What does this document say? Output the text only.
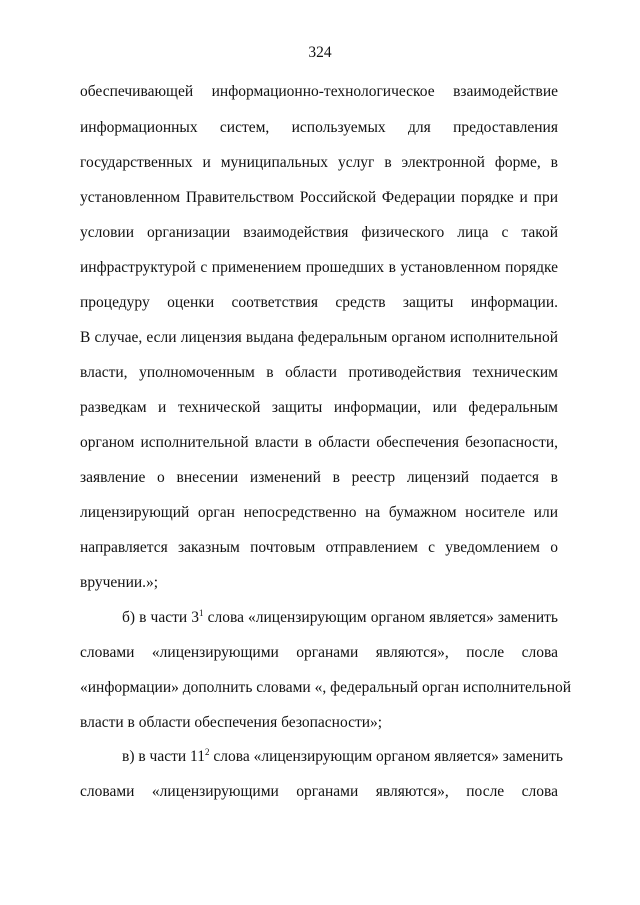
324
обеспечивающей информационно-технологическое взаимодействие
информационных систем, используемых для предоставления
государственных и муниципальных услуг в электронной форме, в
установленном Правительством Российской Федерации порядке и при
условии организации взаимодействия физического лица с такой
инфраструктурой с применением прошедших в установленном порядке
процедуру оценки соответствия средств защиты информации.
В случае, если лицензия выдана федеральным органом исполнительной
власти, уполномоченным в области противодействия техническим
разведкам и технической защиты информации, или федеральным
органом исполнительной власти в области обеспечения безопасности,
заявление о внесении изменений в реестр лицензий подается в
лицензирующий орган непосредственно на бумажном носителе или
направляется заказным почтовым отправлением с уведомлением о
вручении.»;
б) в части $3^1$ слова «лицензирующим органом является» заменить
словами «лицензирующими органами являются», после слова
«информации» дополнить словами «, федеральный орган исполнительной
власти в области обеспечения безопасности»;
в) в части $11^2$ слова «лицензирующим органом является» заменить
словами «лицензирующими органами являются», после слова
